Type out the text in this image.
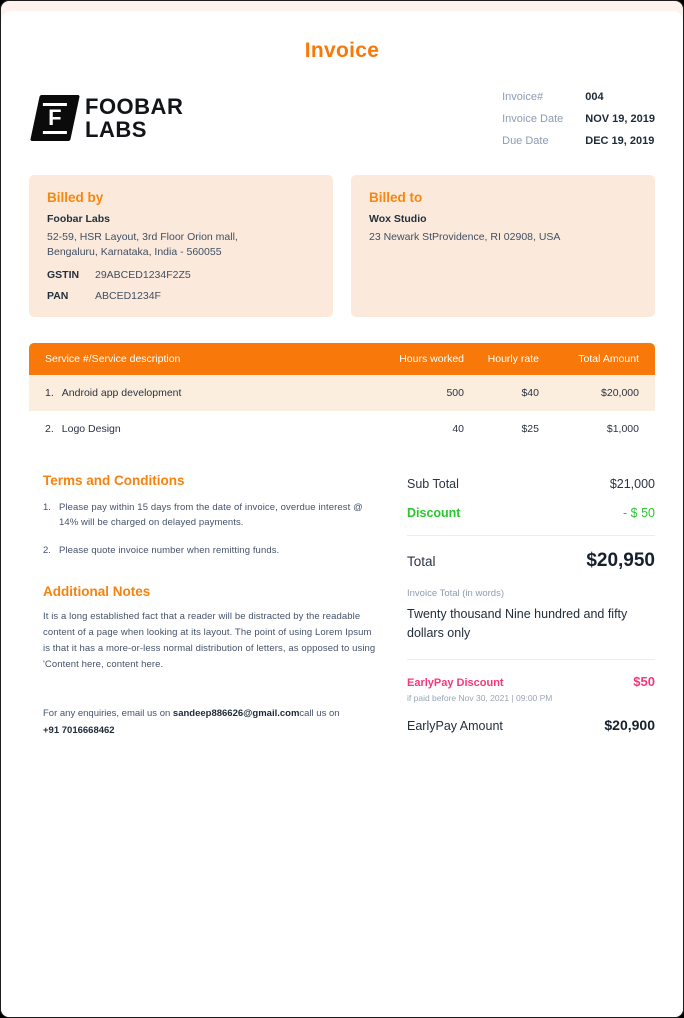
Invoice
F FOOBAR
LABS
Invoice#	004
Invoice Date NOV 19, 2019
Due Date	DEC 19, 2019
Billed by
Foobar Labs
52-59, HSR Layout, 3rd Floor Orion mall,
Bengaluru, Karnataka, India - 560055
GSTIN	29ABCED1234F2Z5
PAN	ABCED1234F
Billed to
Wox Studio
23 Newark StProvidence, RI 02908, USA
Service #/Service description	Hours worked	Hourly rate	Total Amount
1. Android app development	500	$40	$20,000
2. Logo Design	40	$25	$1,000
Terms and Conditions
1. Please pay within 15 days from the date of invoice, overdue interest @ 14% will be charged on delayed payments.
2. Please quote invoice number when remitting funds.
Additional Notes
It is a long established fact that a reader will be distracted by the readable content of a page when looking at its layout. The point of using Lorem Ipsum is that it has a more-or-less normal distribution of letters, as opposed to using 'Content here, content here.
For any enquiries, email us on sandeep886626@gmail.comcall us on
+91 7016668462
Sub Total	$21,000
Discount	- $ 50
Total	$20,950
Invoice Total (in words)
Twenty thousand Nine hundred and fifty dollars only
EarlyPay Discount	$50
if paid before Nov 30, 2021 | 09:00 PM
EarlyPay Amount	$20,900
